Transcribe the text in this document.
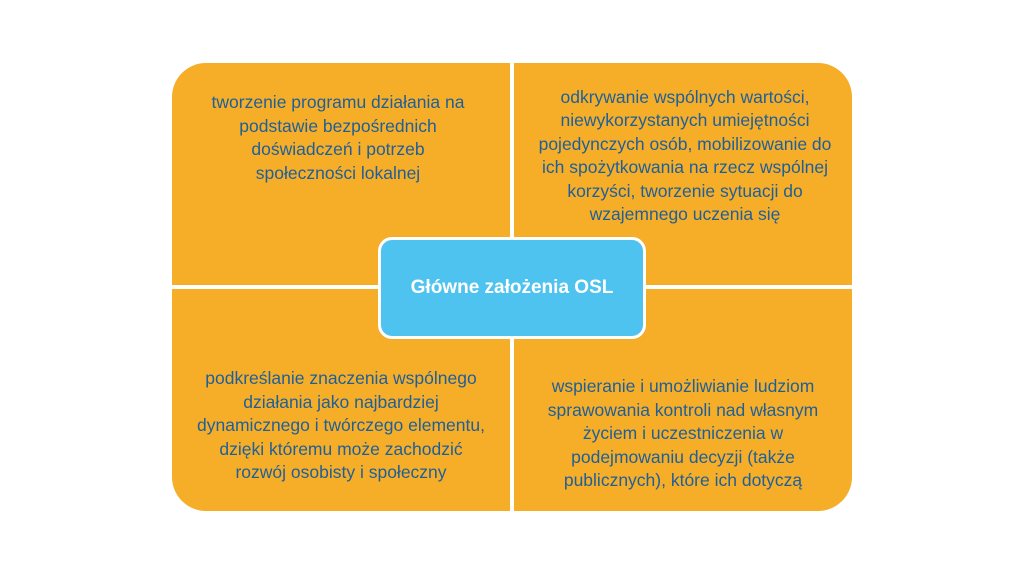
tworzenie programu działania na podstawie bezpośrednich doświadczeń i potrzeb społeczności lokalnej

odkrywanie wspólnych wartości, niewykorzystanych umiejętności pojedynczych osób, mobilizowanie do ich spożytkowania na rzecz wspólnej korzyści, tworzenie sytuacji do wzajemnego uczenia się

podkreślanie znaczenia wspólnego działania jako najbardziej dynamicznego i twórczego elementu, dzięki któremu może zachodzić rozwój osobisty i społeczny

wspieranie i umożliwianie ludziom sprawowania kontroli nad własnym życiem i uczestniczenia w podejmowaniu decyzji (także publicznych), które ich dotyczą

Główne założenia OSL
